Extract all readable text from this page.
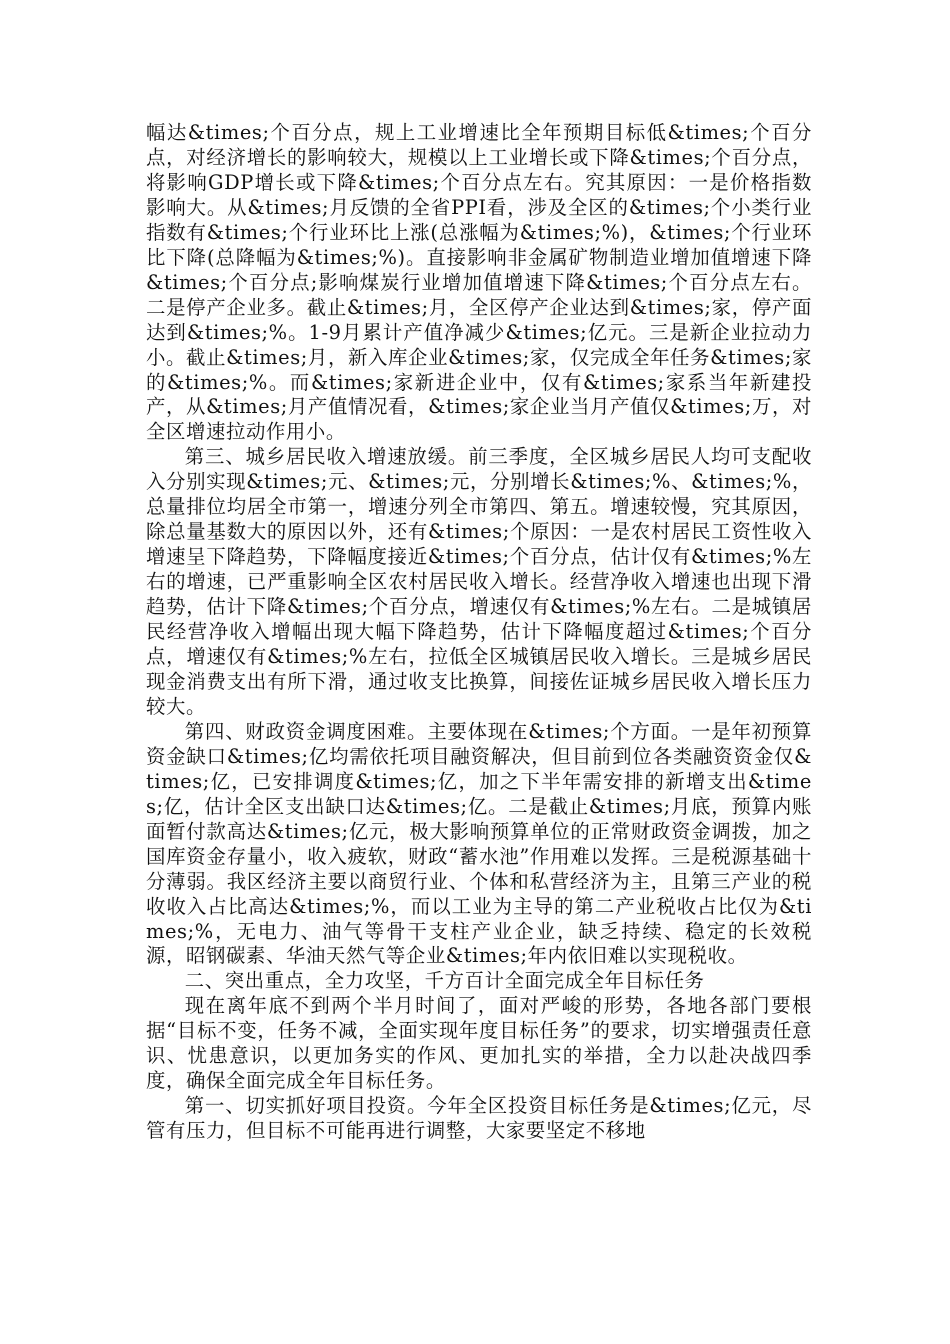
幅达&times;个百分点，规上工业增速比全年预期目标低&times;个百分点，对经济增长的影响较大，规模以上工业增长或下降&times;个百分点，将影响GDP增长或下降&times;个百分点左右。究其原因：一是价格指数影响大。从&times;月反馈的全省PPI看，涉及全区的&times;个小类行业指数有&times;个行业环比上涨(总涨幅为&times;%)，&times;个行业环比下降(总降幅为&times;%)。直接影响非金属矿物制造业增加值增速下降&times;个百分点;影响煤炭行业增加值增速下降&times;个百分点左右。二是停产企业多。截止&times;月，全区停产企业达到&times;家，停产面达到&times;%。1-9月累计产值净减少&times;亿元。三是新企业拉动力小。截止&times;月，新入库企业&times;家，仅完成全年任务&times;家的&times;%。而&times;家新进企业中，仅有&times;家系当年新建投产，从&times;月产值情况看，&times;家企业当月产值仅&times;万，对全区增速拉动作用小。

第三、城乡居民收入增速放缓。前三季度，全区城乡居民人均可支配收入分别实现&times;元、&times;元，分别增长&times;%、&times;%，总量排位均居全市第一，增速分列全市第四、第五。增速较慢，究其原因，除总量基数大的原因以外，还有&times;个原因：一是农村居民工资性收入增速呈下降趋势，下降幅度接近&times;个百分点，估计仅有&times;%左右的增速，已严重影响全区农村居民收入增长。经营净收入增速也出现下滑趋势，估计下降&times;个百分点，增速仅有&times;%左右。二是城镇居民经营净收入增幅出现大幅下降趋势，估计下降幅度超过&times;个百分点，增速仅有&times;%左右，拉低全区城镇居民收入增长。三是城乡居民现金消费支出有所下滑，通过收支比换算，间接佐证城乡居民收入增长压力较大。

第四、财政资金调度困难。主要体现在&times;个方面。一是年初预算资金缺口&times;亿均需依托项目融资解决，但目前到位各类融资资金仅&times;亿，已安排调度&times;亿，加之下半年需安排的新增支出&times;亿，估计全区支出缺口达&times;亿。二是截止&times;月底，预算内账面暂付款高达&times;亿元，极大影响预算单位的正常财政资金调拨，加之国库资金存量小，收入疲软，财政“蓄水池”作用难以发挥。三是税源基础十分薄弱。我区经济主要以商贸行业、个体和私营经济为主，且第三产业的税收收入占比高达&times;%，而以工业为主导的第二产业税收占比仅为&times;%，无电力、油气等骨干支柱产业企业，缺乏持续、稳定的长效税源，昭钢碳素、华油天然气等企业&times;年内依旧难以实现税收。

二、突出重点，全力攻坚，千方百计全面完成全年目标任务

现在离年底不到两个半月时间了，面对严峻的形势，各地各部门要根据“目标不变，任务不减，全面实现年度目标任务”的要求，切实增强责任意识、忧患意识，以更加务实的作风、更加扎实的举措，全力以赴决战四季度，确保全面完成全年目标任务。

第一、切实抓好项目投资。今年全区投资目标任务是&times;亿元，尽管有压力，但目标不可能再进行调整，大家要坚定不移地
